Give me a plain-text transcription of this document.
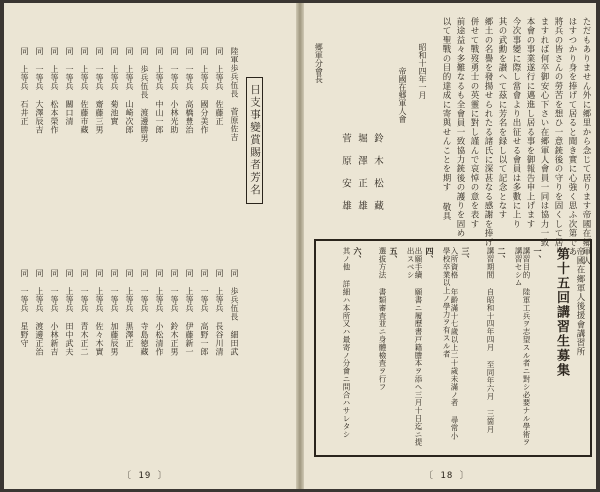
陸軍歩兵伍長 菅原佐吉
同 上等兵 佐藤正
同 上等兵 國分美作
同 一等兵 高橋豊治
同 一等兵 小林光助
同 上等兵 中山一郎
同 歩兵伍長 渡邊勝男
同 上等兵 山崎次郎
同 上等兵 菊池實
同 一等兵 齋藤三男
同 上等兵 佐藤市藏
同 一等兵 關口清
同 上等兵 松本榮作
同 一等兵 大澤辰吉
同 上等兵 石井正
同 歩兵伍長 細田武
同 上等兵 長谷川清
同 一等兵 高野一郎
同 上等兵 伊藤新一
同 一等兵 鈴木正男
同 上等兵 小松清作
同 一等兵 寺島徳藏
同 上等兵 黒澤正
同 一等兵 加藤辰男
同 上等兵 佐々木實
同 一等兵 青木正二
同 上等兵 田中武夫
同 一等兵 小林新吉
同 上等兵 渡邊正治
同 一等兵 星野守
日支事變賞賜者芳名
〔 19 〕
ただもありません外に郷里から念じて居ります帝國在郷軍人
はすつかり身を捧げて居ると聞き實に心強く思ふ次第であ
將兵の皆さんの勞苦を想ひ一意銃後の守りを固くして居り
ますれば何卒御安心下さい在郷軍人會員一同は協力一致
本會の事業遂行に邁進し居る事を御報告申上げます
今次事變に際し當會より出征せる會員は多數に上り
其の武勳を讃へて茲に芳名を録し以て記念となす
郷土の名譽を發揚せられたる諸氏に深甚なる感謝を捧げ
併せて戰歿勇士の英靈に對し謹んで哀悼の意を表す
前途益々多難なるも全會員一致協力銃後の護りを固め
以て聖戰の目的達成に寄與せんことを期す 敬具
昭和十四年一月
帝國在郷軍人會
鈴 木 松 藏
堀 澤 正 雄
菅 原 安 雄
郷軍分會長
帝國在鄉軍人後援會講習所
第十五回講習生募集
一、
講習目的 陸軍工兵ヲ志望スル者ニ對シ必要ナル學術ヲ講習セシム
二、
講習期間 自昭和十四年四月 至同年六月 三箇月
三、
入所資格 年齡滿十七歲以上二十歲未滿ノ者 尋常小學校卒業以上ノ學力ヲ有スル者
四、
出願手續 願書ニ履歷書戸籍謄本ヲ添ヘ三月十日迄ニ提出スベシ
五、
選拔方法 書類審査並ニ身體檢査ヲ行フ
六、
其ノ他 詳細ハ本所又ハ最寄ノ分會ニ問合ハサレタシ
〔 18 〕
